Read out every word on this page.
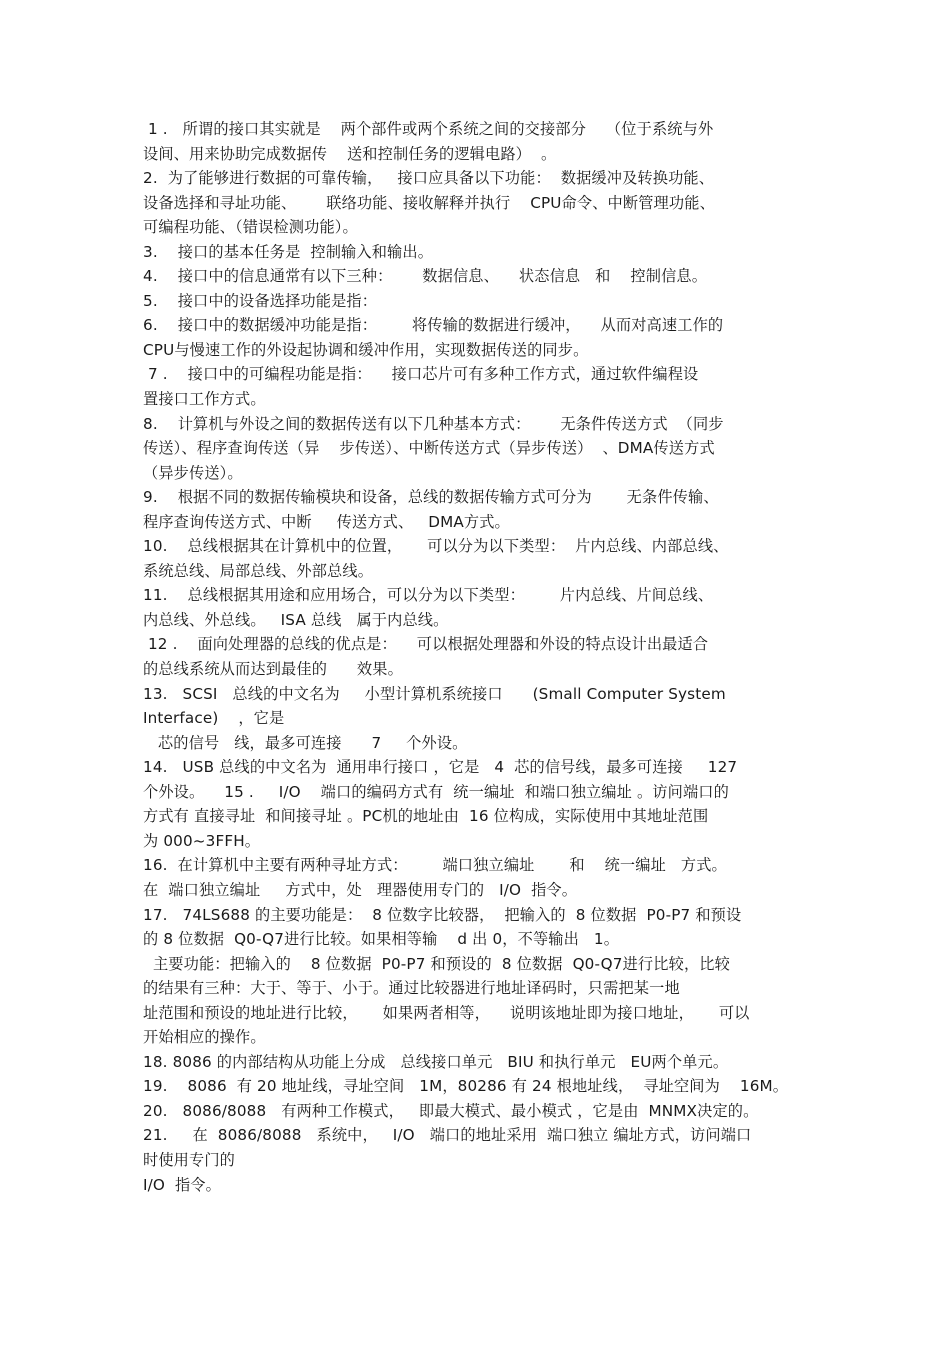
1 .   所谓的接口其实就是    两个部件或两个系统之间的交接部分    （位于系统与外
设间、用来协助完成数据传    送和控制任务的逻辑电路）  。
2.  为了能够进行数据的可靠传输，   接口应具备以下功能：  数据缓冲及转换功能、
设备选择和寻址功能、      联络功能、接收解释并执行    CPU命令、中断管理功能、
可编程功能、（错误检测功能）。
3.    接口的基本任务是  控制输入和输出。
4.    接口中的信息通常有以下三种：      数据信息、    状态信息   和    控制信息。
5.    接口中的设备选择功能是指：
6.    接口中的数据缓冲功能是指：       将传输的数据进行缓冲，    从而对高速工作的
CPU与慢速工作的外设起协调和缓冲作用，实现数据传送的同步。
7 .    接口中的可编程功能是指：    接口芯片可有多种工作方式，通过软件编程设
置接口工作方式。
8.    计算机与外设之间的数据传送有以下几种基本方式：      无条件传送方式  （同步
传送）、程序查询传送（异    步传送）、中断传送方式（异步传送）  、DMA传送方式
（异步传送）。
9.    根据不同的数据传输模块和设备，总线的数据传输方式可分为       无条件传输、
程序查询传送方式、中断     传送方式、   DMA方式。
10.    总线根据其在计算机中的位置，     可以分为以下类型：  片内总线、内部总线、
系统总线、局部总线、外部总线。
11.    总线根据其用途和应用场合，可以分为以下类型：       片内总线、片间总线、
内总线、外总线。   ISA 总线   属于内总线。
12 .    面向处理器的总线的优点是：    可以根据处理器和外设的特点设计出最适合
的总线系统从而达到最佳的      效果。
13.   SCSI   总线的中文名为     小型计算机系统接口      (Small Computer System
Interface)    ，它是
芯的信号   线，最多可连接      7     个外设。
14.   USB 总线的中文名为  通用串行接口 ，它是   4  芯的信号线，最多可连接     127
个外设。    15 .     I/O    端口的编码方式有  统一编址  和端口独立编址 。访问端口的
方式有 直接寻址  和间接寻址 。PC机的地址由  16 位构成，实际使用中其地址范围
为 000~3FFH。
16.  在计算机中主要有两种寻址方式：       端口独立编址       和    统一编址   方式。
在  端口独立编址     方式中，处   理器使用专门的   I/O  指令。
17.   74LS688 的主要功能是：  8 位数字比较器，  把输入的  8 位数据  P0-P7 和预设
的 8 位数据  Q0-Q7进行比较。如果相等输    d 出 0，不等输出   1。
主要功能：把输入的    8 位数据  P0-P7 和预设的  8 位数据  Q0-Q7进行比较，比较
的结果有三种：大于、等于、小于。通过比较器进行地址译码时，只需把某一地
址范围和预设的地址进行比较，     如果两者相等，    说明该地址即为接口地址，     可以
开始相应的操作。
18. 8086 的内部结构从功能上分成   总线接口单元   BIU 和执行单元   EU两个单元。
19.    8086  有 20 地址线，寻址空间   1M，80286 有 24 根地址线，  寻址空间为    16M。
20.   8086/8088   有两种工作模式，   即最大模式、最小模式 ，它是由  MNMX决定的。
21.     在  8086/8088   系统中，   I/O   端口的地址采用  端口独立 编址方式，访问端口
时使用专门的
I/O  指令。
